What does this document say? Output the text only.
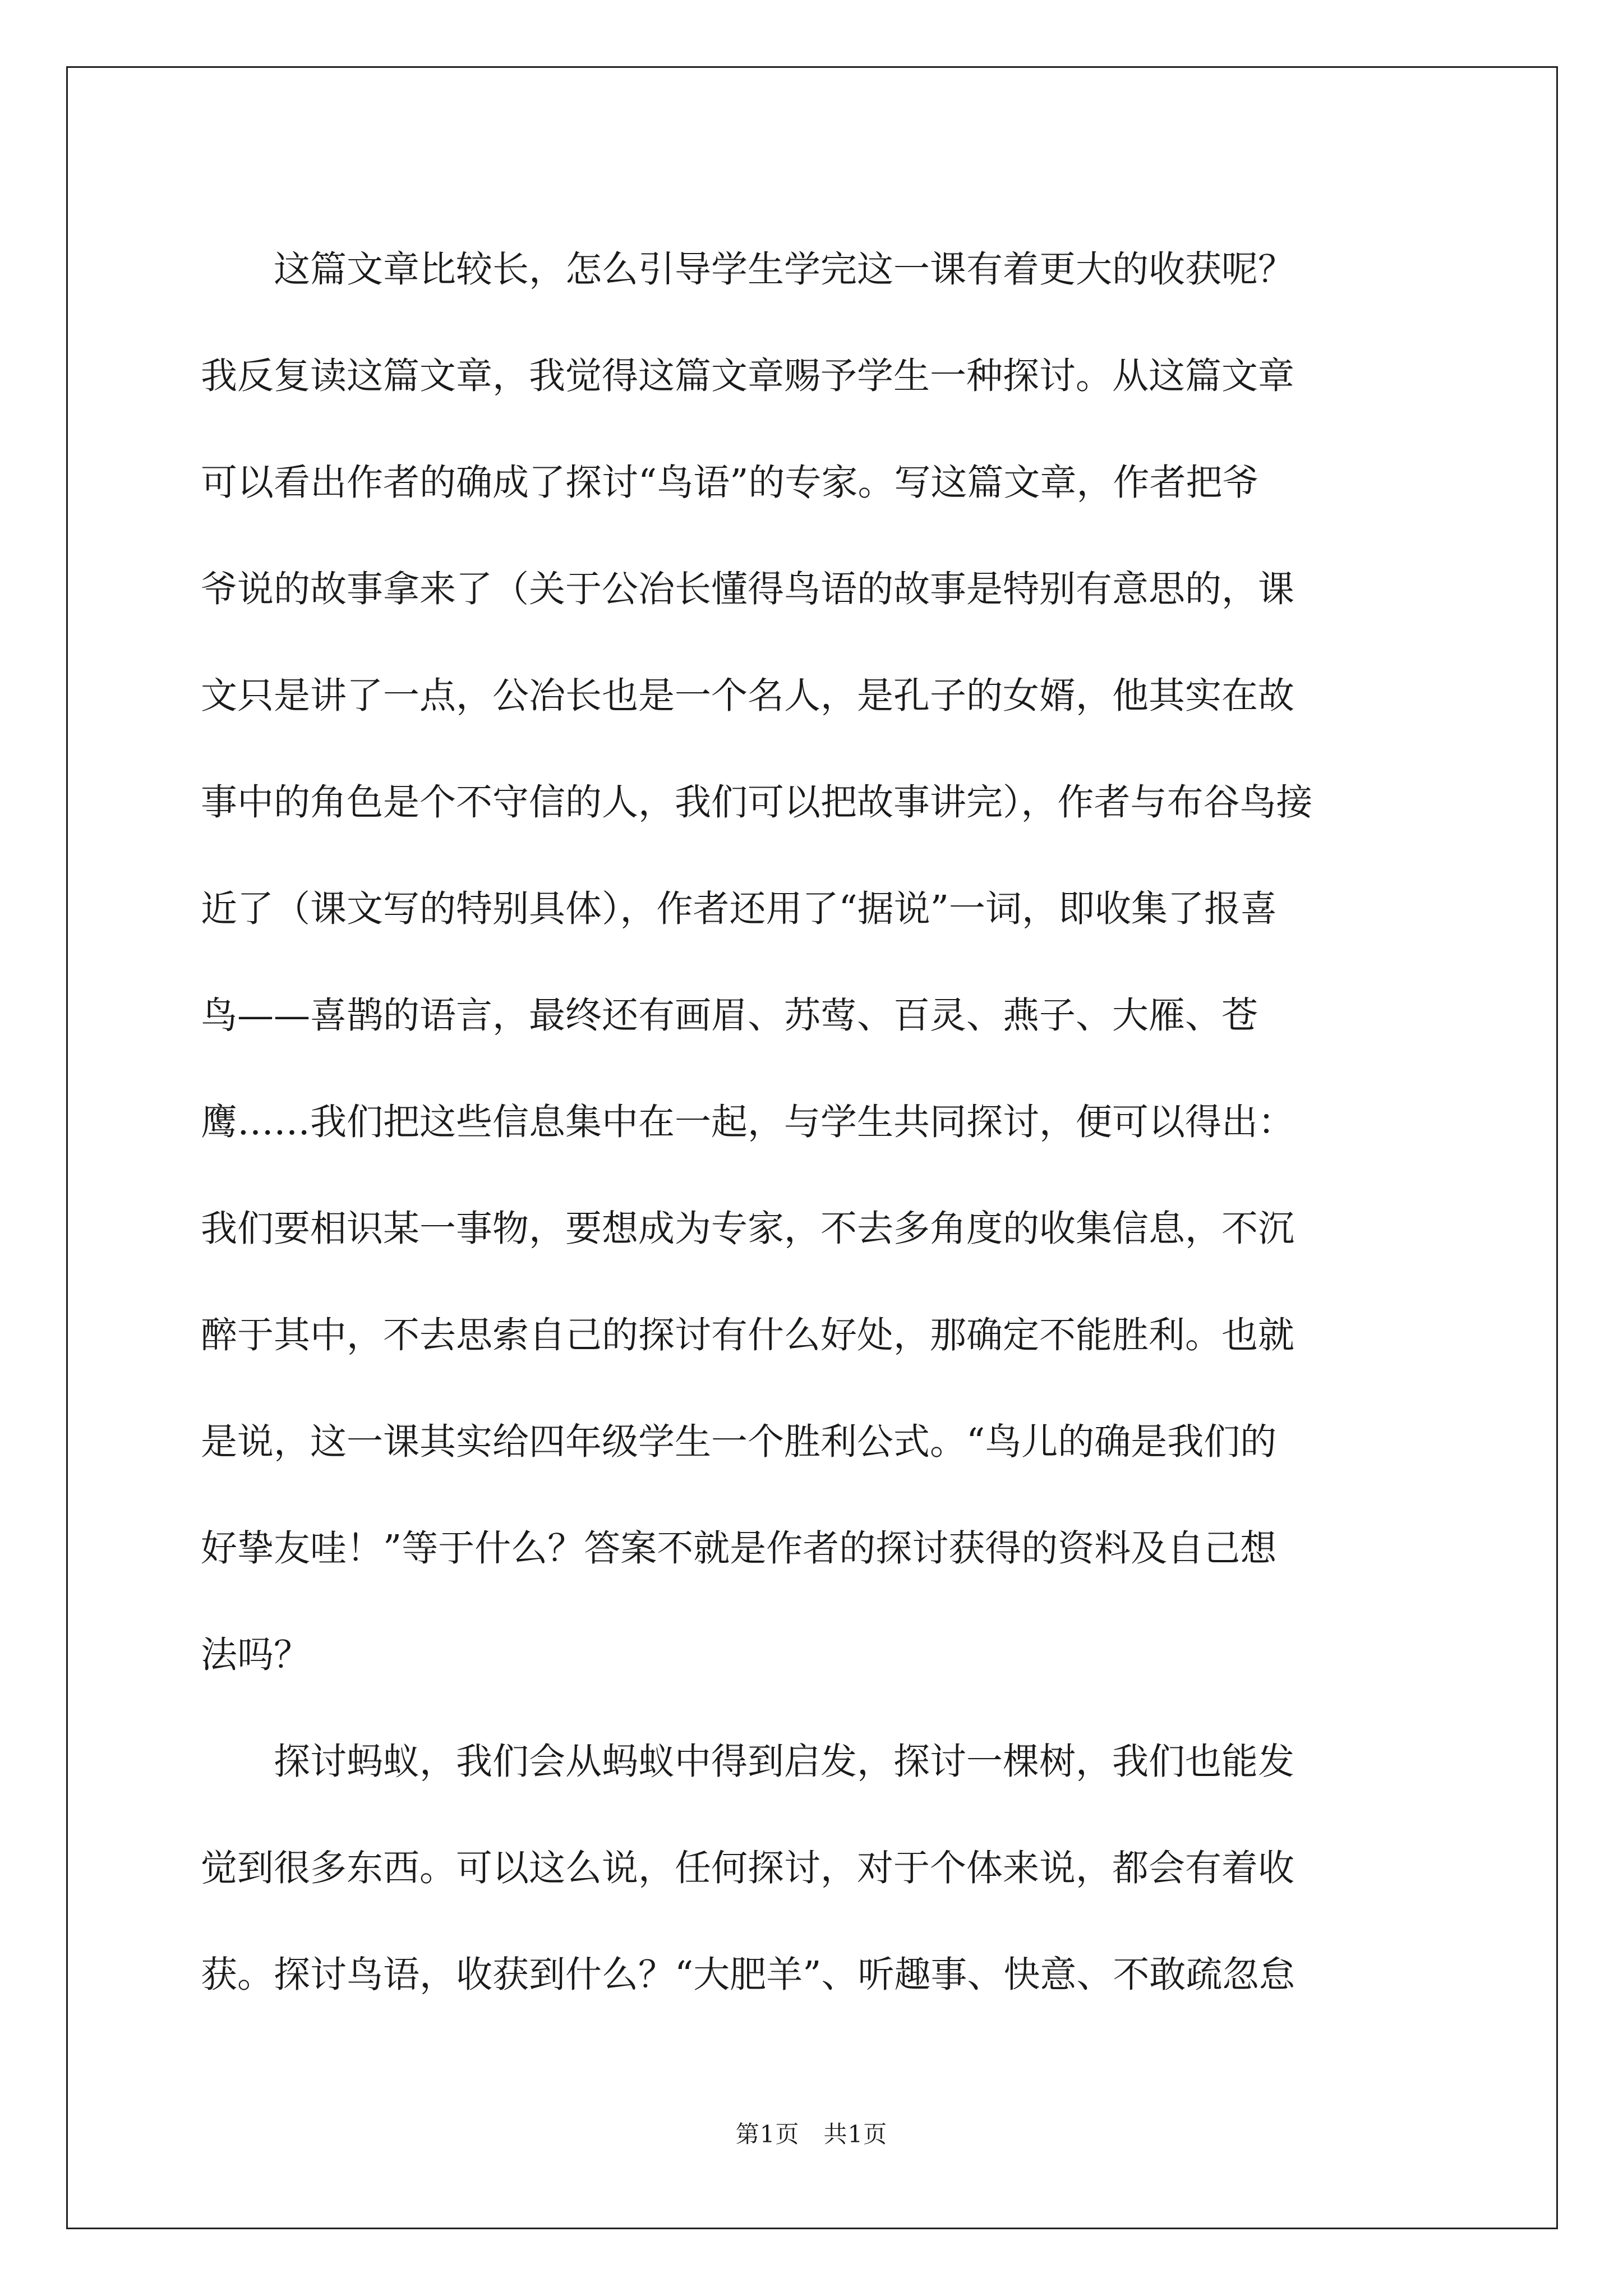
　　这篇文章比较长，怎么引导学生学完这一课有着更大的收获呢？
我反复读这篇文章，我觉得这篇文章赐予学生一种探讨。从这篇文章
可以看出作者的确成了探讨“鸟语”的专家。写这篇文章，作者把爷
爷说的故事拿来了（关于公冶长懂得鸟语的故事是特别有意思的，课
文只是讲了一点，公冶长也是一个名人，是孔子的女婿，他其实在故
事中的角色是个不守信的人，我们可以把故事讲完），作者与布谷鸟接
近了（课文写的特别具体），作者还用了“据说”一词，即收集了报喜
鸟——喜鹊的语言，最终还有画眉、苏莺、百灵、燕子、大雁、苍
鹰……我们把这些信息集中在一起，与学生共同探讨，便可以得出：
我们要相识某一事物，要想成为专家，不去多角度的收集信息，不沉
醉于其中，不去思索自己的探讨有什么好处，那确定不能胜利。也就
是说，这一课其实给四年级学生一个胜利公式。“鸟儿的确是我们的
好挚友哇！”等于什么？答案不就是作者的探讨获得的资料及自己想
法吗？
　　探讨蚂蚁，我们会从蚂蚁中得到启发，探讨一棵树，我们也能发
觉到很多东西。可以这么说，任何探讨，对于个体来说，都会有着收
获。探讨鸟语，收获到什么？“大肥羊”、听趣事、快意、不敢疏忽怠
第1页　共1页
